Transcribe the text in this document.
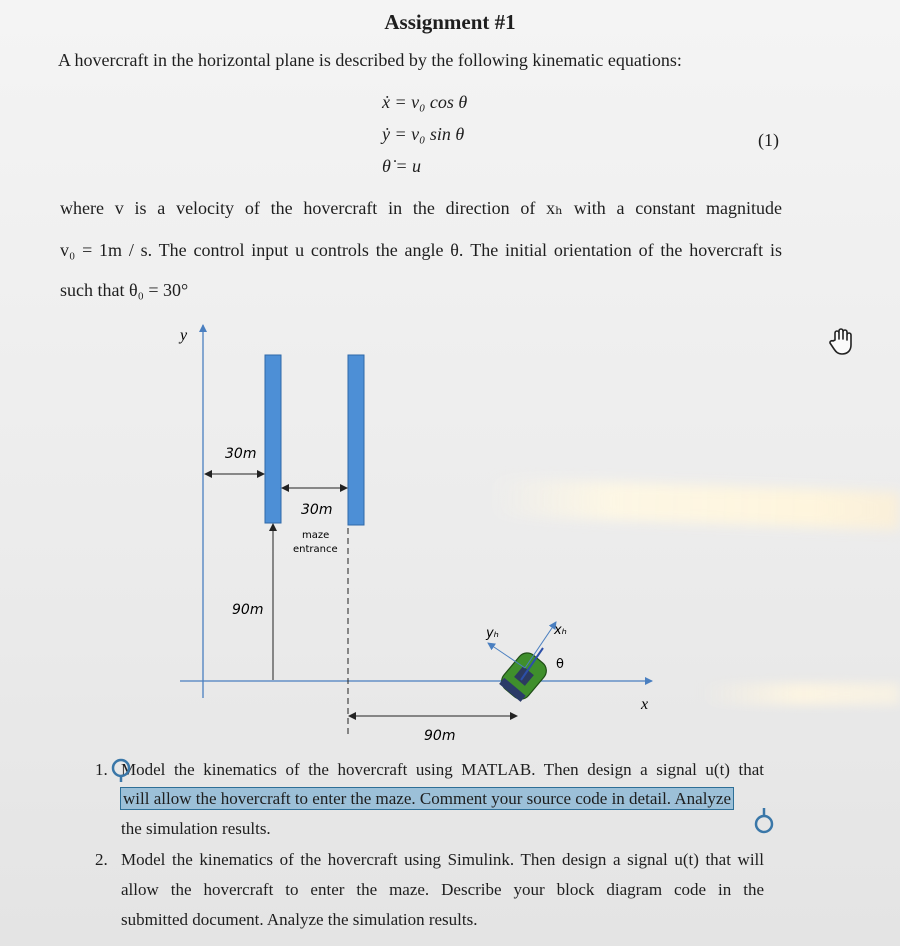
Assignment #1
A hovercraft in the horizontal plane is described by the following kinematic equations:
ẋ = v₀ cos θ
ẏ = v₀ sin θ
θ̇ = u
(1)
where v is a velocity of the hovercraft in the direction of xₕ with a constant magnitude
v₀ = 1m / s. The control input u controls the angle θ. The initial orientation of the hovercraft is
such that θ₀ = 30°
y
x
30m
30m
maze
entrance
90m
90m
yₕ	xₕ
θ
1. Model the kinematics of the hovercraft using MATLAB. Then design a signal u(t) that
will allow the hovercraft to enter the maze. Comment your source code in detail. Analyze
the simulation results.
2. Model the kinematics of the hovercraft using Simulink. Then design a signal u(t) that will
allow the hovercraft to enter the maze. Describe your block diagram code in the
submitted document. Analyze the simulation results.
